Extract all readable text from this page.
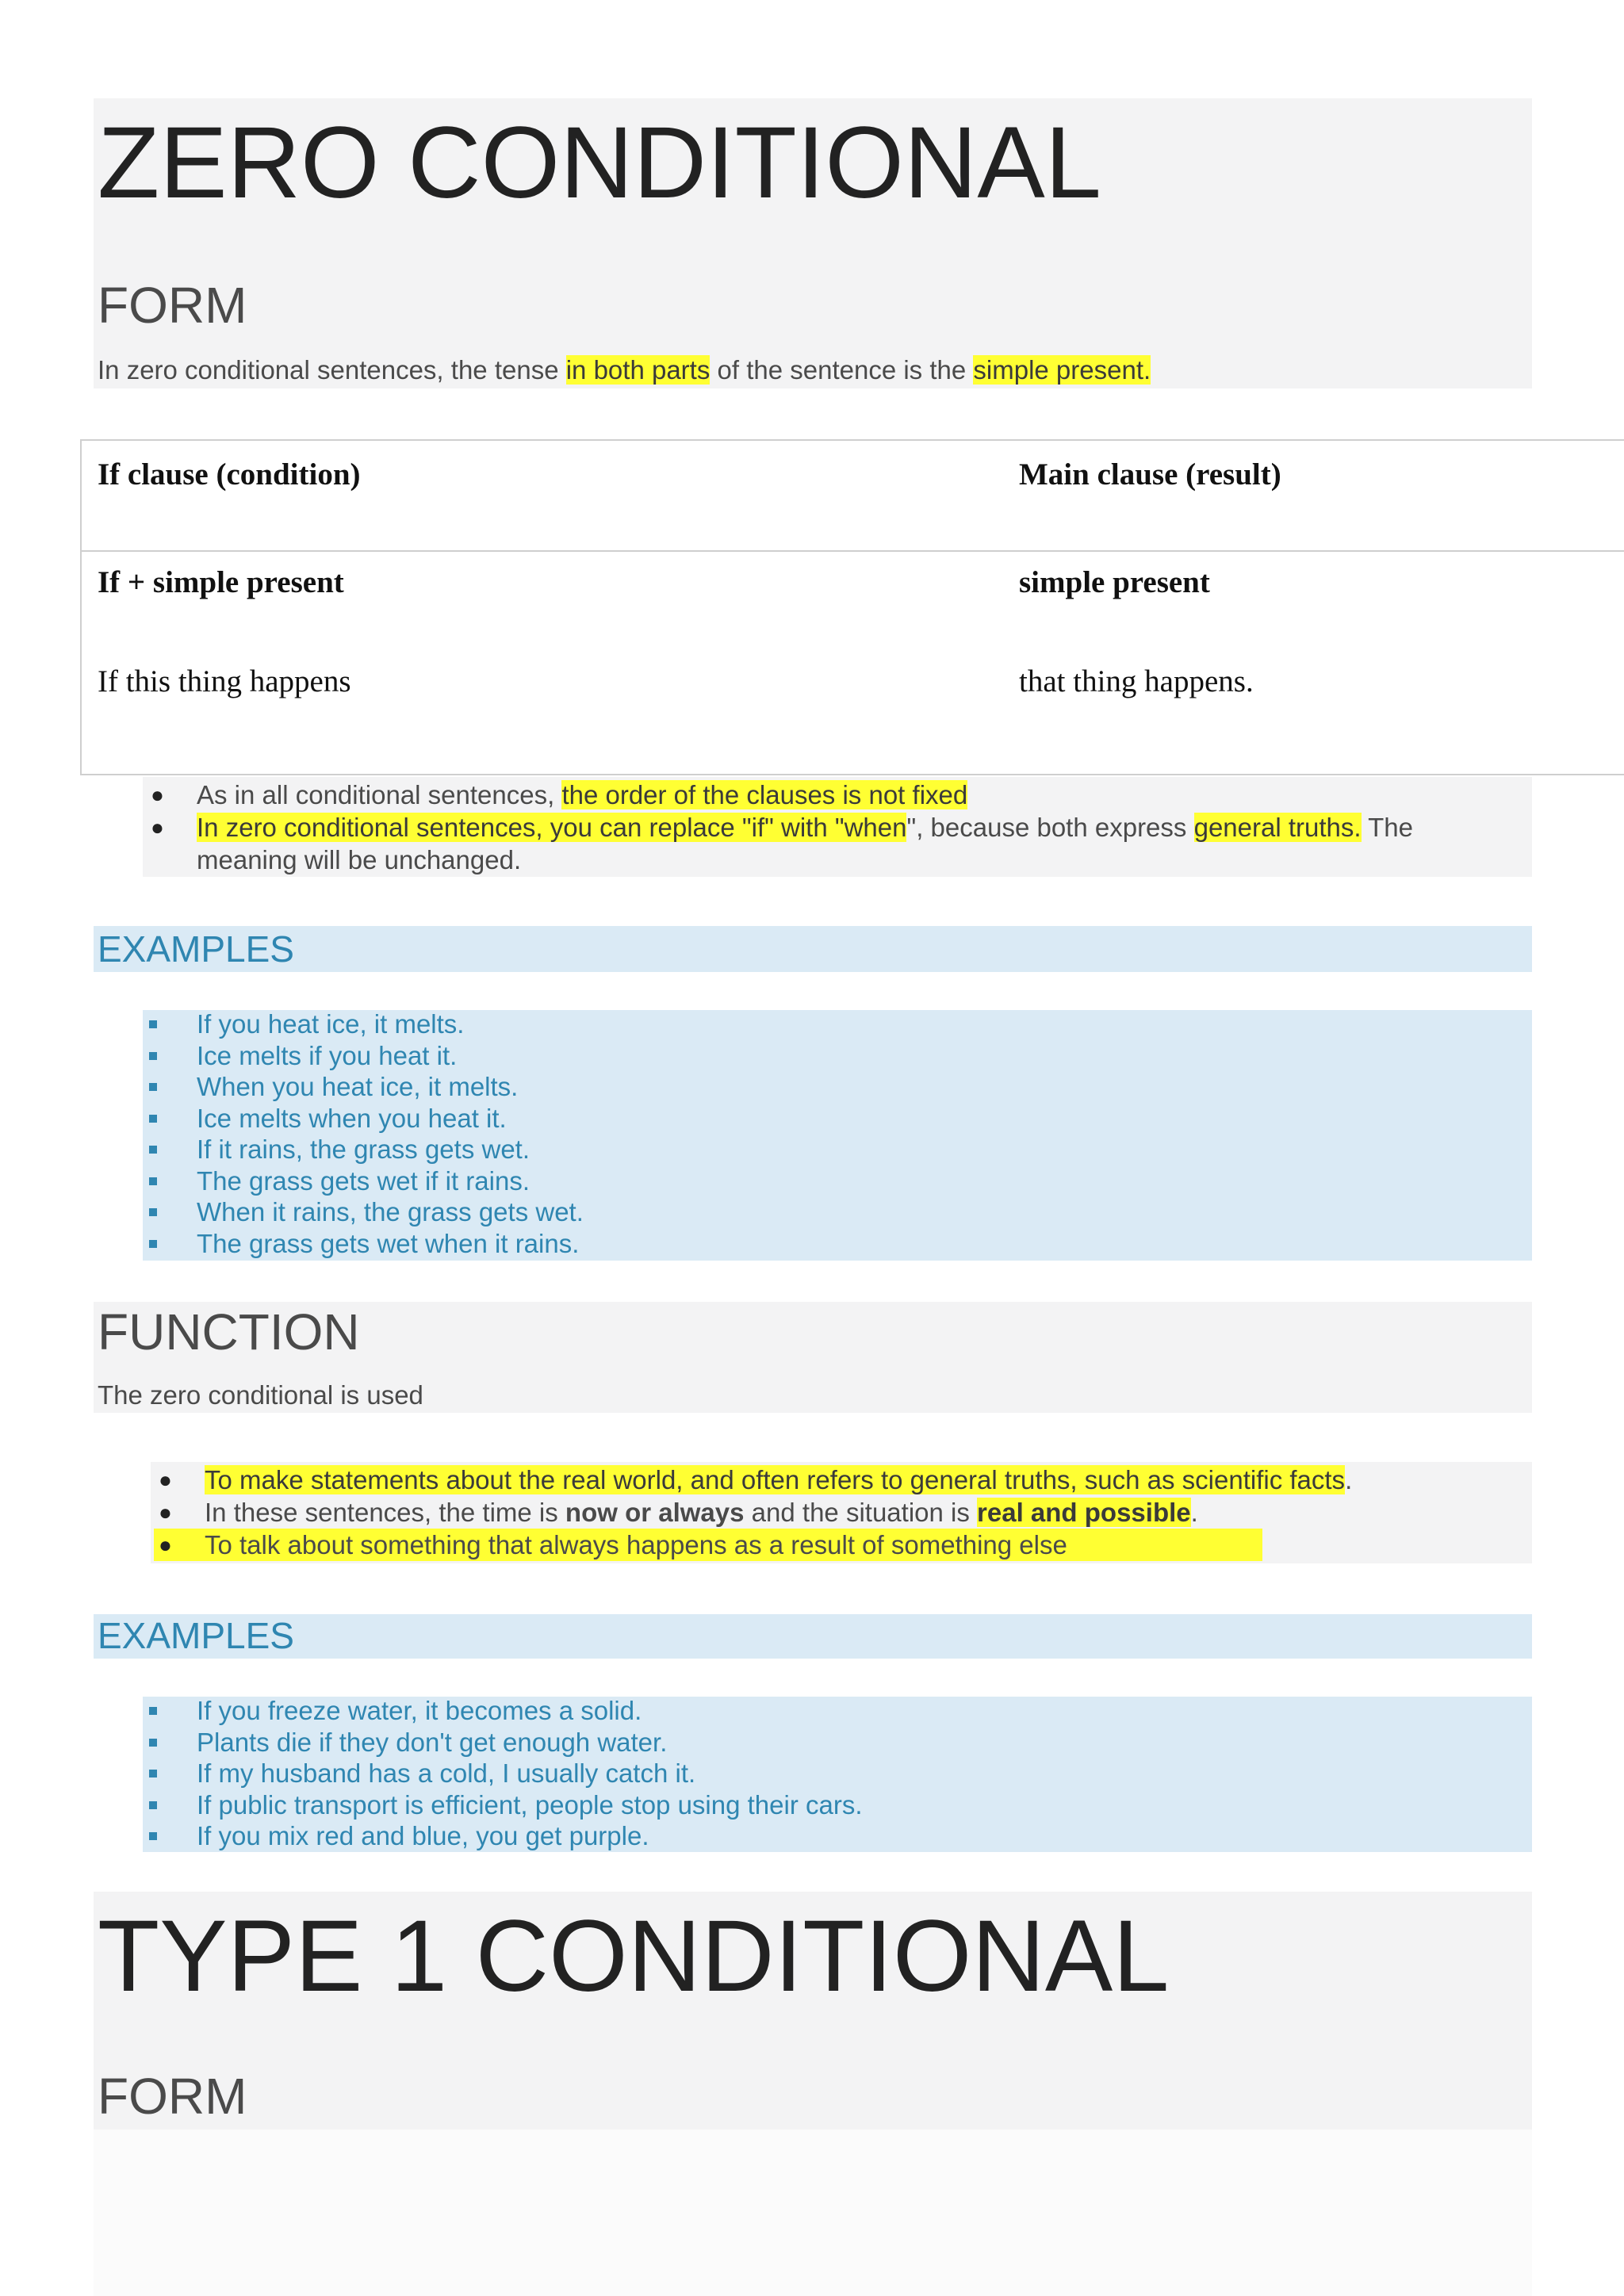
ZERO CONDITIONAL
FORM

In zero conditional sentences, the tense in both parts of the sentence is the simple present.

If clause (condition)	Main clause (result)
If + simple present	simple present
If this thing happens	that thing happens.
● As in all conditional sentences, the order of the clauses is not fixed
● In zero conditional sentences, you can replace "if" with "when", because both express general truths. The
meaning will be unchanged.
EXAMPLES
If you heat ice, it melts.
Ice melts if you heat it.
When you heat ice, it melts.
Ice melts when you heat it.
If it rains, the grass gets wet.
The grass gets wet if it rains.
When it rains, the grass gets wet.
The grass gets wet when it rains.
FUNCTION

The zero conditional is used

● To make statements about the real world, and often refers to general truths, such as scientific facts.
● In these sentences, the time is now or always and the situation is real and possible.
● To talk about something that always happens as a result of something else
EXAMPLES
If you freeze water, it becomes a solid.
Plants die if they don't get enough water.
If my husband has a cold, I usually catch it.
If public transport is efficient, people stop using their cars.
If you mix red and blue, you get purple.
TYPE 1 CONDITIONAL
FORM
